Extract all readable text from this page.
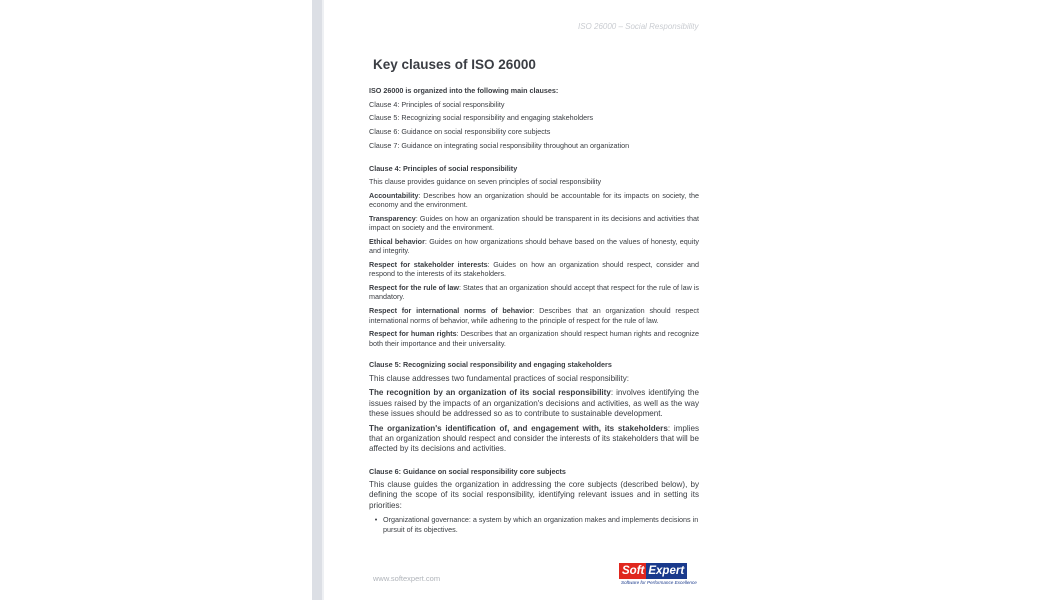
ISO 26000 – Social Responsibility
Key clauses of ISO 26000
ISO 26000 is organized into the following main clauses:
Clause 4: Principles of social responsibility
Clause 5: Recognizing social responsibility and engaging stakeholders
Clause 6: Guidance on social responsibility core subjects
Clause 7: Guidance on integrating social responsibility throughout an organization
Clause 4: Principles of social responsibility
This clause provides guidance on seven principles of social responsibility
Accountability: Describes how an organization should be accountable for its impacts on society, the economy and the environment.
Transparency: Guides on how an organization should be transparent in its decisions and activities that impact on society and the environment.
Ethical behavior: Guides on how organizations should behave based on the values of honesty, equity and integrity.
Respect for stakeholder interests: Guides on how an organization should respect, consider and respond to the interests of its stakeholders.
Respect for the rule of law: States that an organization should accept that respect for the rule of law is mandatory.
Respect for international norms of behavior: Describes that an organization should respect international norms of behavior, while adhering to the principle of respect for the rule of law.
Respect for human rights: Describes that an organization should respect human rights and recognize both their importance and their universality.
Clause 5: Recognizing social responsibility and engaging stakeholders
This clause addresses two fundamental practices of social responsibility:
The recognition by an organization of its social responsibility: involves identifying the issues raised by the impacts of an organization's decisions and activities, as well as the way these issues should be addressed so as to contribute to sustainable development.
The organization's identification of, and engagement with, its stakeholders: implies that an organization should respect and consider the interests of its stakeholders that will be affected by its decisions and activities.
Clause 6: Guidance on social responsibility core subjects
This clause guides the organization in addressing the core subjects (described below), by defining the scope of its social responsibility, identifying relevant issues and in setting its priorities:
• Organizational governance: a system by which an organization makes and implements decisions in pursuit of its objectives.
www.softexpert.com
Soft Expert
Software for Performance Excellence
